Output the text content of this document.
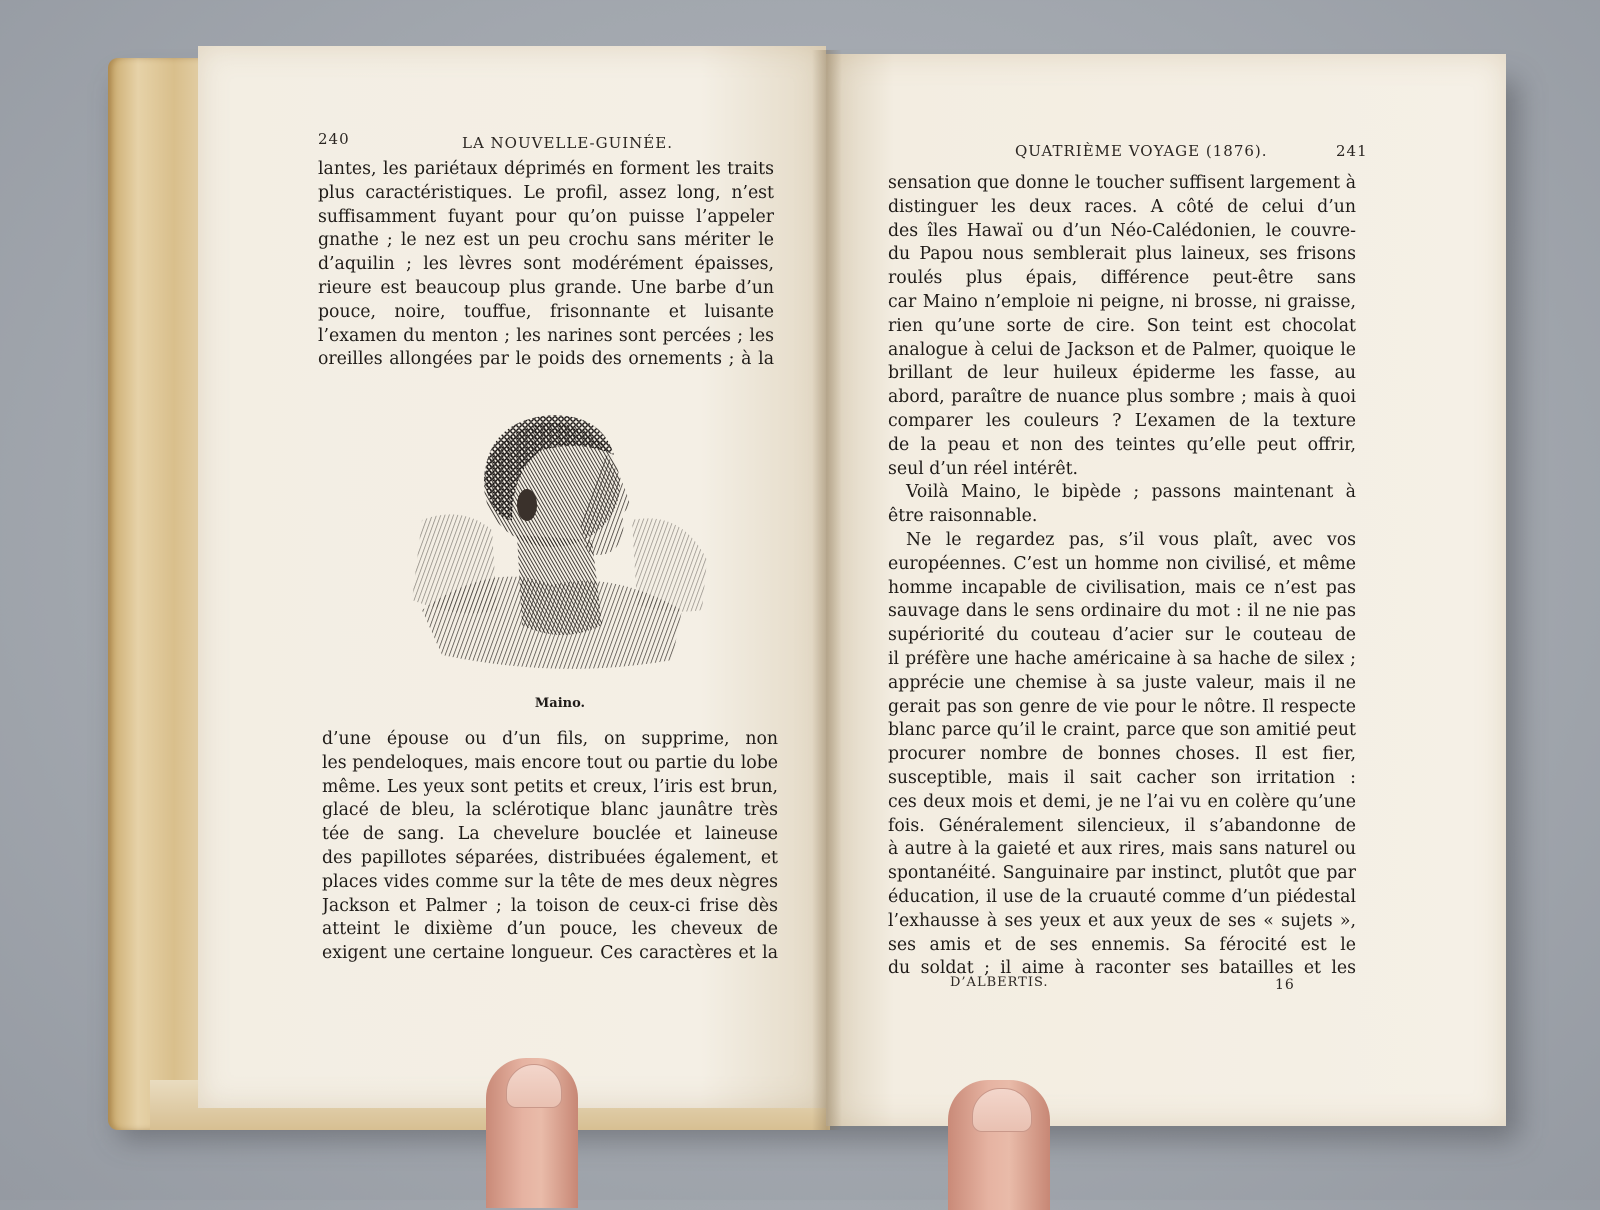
240	LA NOUVELLE-GUINÉE.
lantes, les pariétaux déprimés en forment les traits
plus caractéristiques. Le profil, assez long, n’est
suffisamment fuyant pour qu’on puisse l’appeler
gnathe ; le nez est un peu crochu sans mériter le
d’aquilin ; les lèvres sont modérément épaisses,
rieure est beaucoup plus grande. Une barbe d’un
pouce, noire, touffue, frisonnante et luisante
l’examen du menton ; les narines sont percées ; les
oreilles allongées par le poids des ornements ; à la
Maino.
d’une épouse ou d’un fils, on supprime, non
les pendeloques, mais encore tout ou partie du lobe
même. Les yeux sont petits et creux, l’iris est brun,
glacé de bleu, la sclérotique blanc jaunâtre très
tée de sang. La chevelure bouclée et laineuse
des papillotes séparées, distribuées également, et
places vides comme sur la tête de mes deux nègres
Jackson et Palmer ; la toison de ceux-ci frise dès
atteint le dixième d’un pouce, les cheveux de
exigent une certaine longueur. Ces caractères et la
QUATRIÈME VOYAGE (1876).	241
sensation que donne le toucher suffisent largement à
distinguer les deux races. A côté de celui d’un
des îles Hawaï ou d’un Néo-Calédonien, le couvre-
du Papou nous semblerait plus laineux, ses frisons
roulés plus épais, différence peut-être sans
car Maino n’emploie ni peigne, ni brosse, ni graisse,
rien qu’une sorte de cire. Son teint est chocolat
analogue à celui de Jackson et de Palmer, quoique le
brillant de leur huileux épiderme les fasse, au
abord, paraître de nuance plus sombre ; mais à quoi
comparer les couleurs ? L’examen de la texture
de la peau et non des teintes qu’elle peut offrir,
seul d’un réel intérêt.
Voilà Maino, le bipède ; passons maintenant à
être raisonnable.
Ne le regardez pas, s’il vous plaît, avec vos
européennes. C’est un homme non civilisé, et même
homme incapable de civilisation, mais ce n’est pas
sauvage dans le sens ordinaire du mot : il ne nie pas
supériorité du couteau d’acier sur le couteau de
il préfère une hache américaine à sa hache de silex ;
apprécie une chemise à sa juste valeur, mais il ne
gerait pas son genre de vie pour le nôtre. Il respecte
blanc parce qu’il le craint, parce que son amitié peut
procurer nombre de bonnes choses. Il est fier,
susceptible, mais il sait cacher son irritation :
ces deux mois et demi, je ne l’ai vu en colère qu’une
fois. Généralement silencieux, il s’abandonne de
à autre à la gaieté et aux rires, mais sans naturel ou
spontanéité. Sanguinaire par instinct, plutôt que par
éducation, il use de la cruauté comme d’un piédestal
l’exhausse à ses yeux et aux yeux de ses « sujets »,
ses amis et de ses ennemis. Sa férocité est le
du soldat ; il aime à raconter ses batailles et les
D’ALBERTIS.	16
